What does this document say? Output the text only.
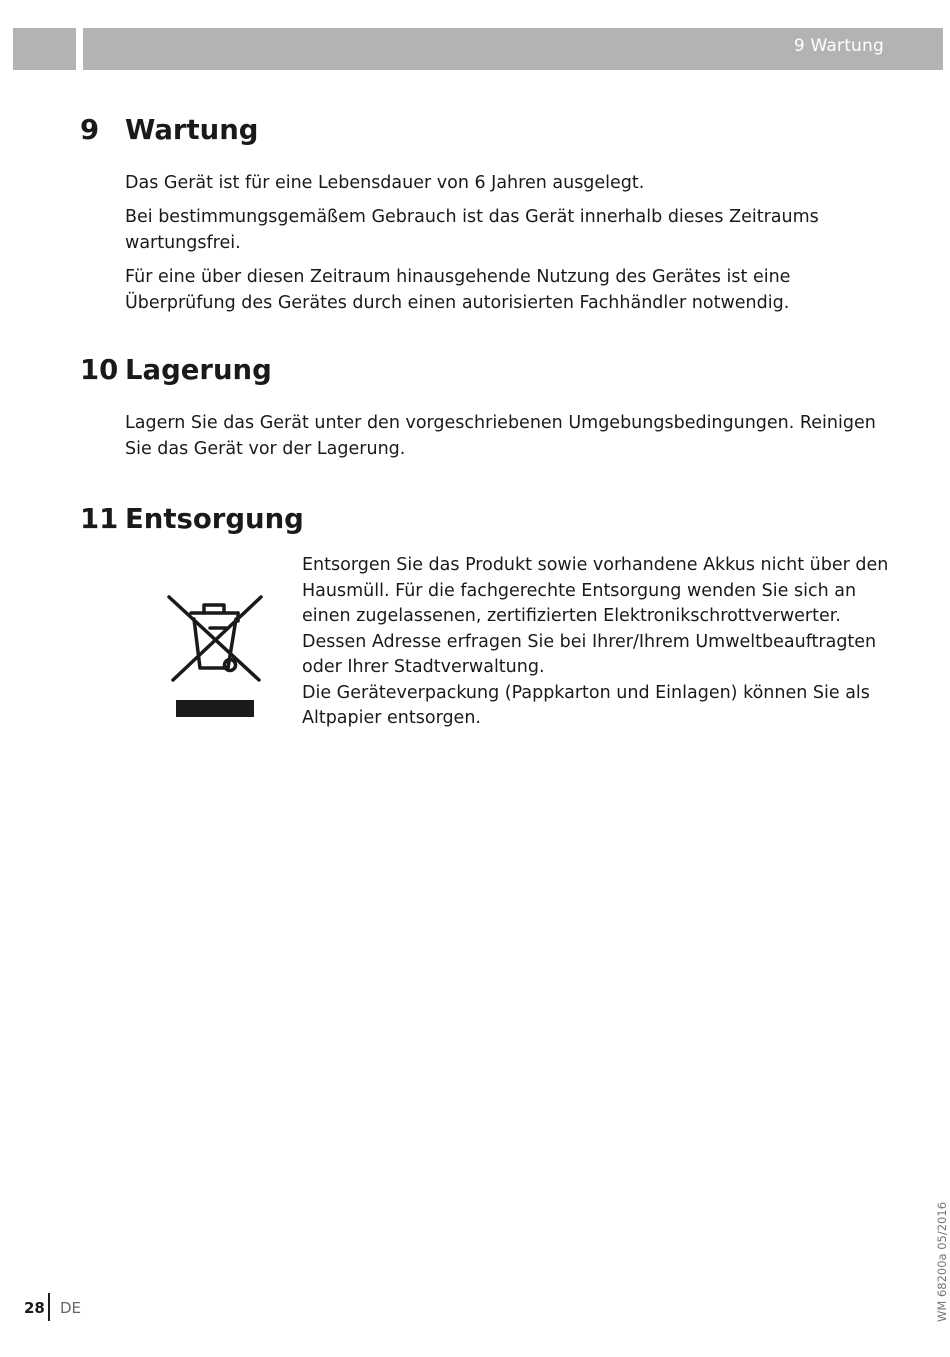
9 Wartung
9 Wartung

Das Gerät ist für eine Lebensdauer von 6 Jahren ausgelegt.

Bei bestimmungsgemäßem Gebrauch ist das Gerät innerhalb dieses Zeitraums wartungsfrei.

Für eine über diesen Zeitraum hinausgehende Nutzung des Gerätes ist eine Überprüfung des Gerätes durch einen autorisierten Fachhändler notwendig.

10 Lagerung

Lagern Sie das Gerät unter den vorgeschriebenen Umgebungsbedingungen. Reinigen Sie das Gerät vor der Lagerung.

11 Entsorgung

Entsorgen Sie das Produkt sowie vorhandene Akkus nicht über den
Hausmüll. Für die fachgerechte Entsorgung wenden Sie sich an
einen zugelassenen, zertifizierten Elektronikschrottverwerter.
Dessen Adresse erfragen Sie bei Ihrer/Ihrem Umweltbeauftragten
oder Ihrer Stadtverwaltung.
Die Geräteverpackung (Pappkarton und Einlagen) können Sie als
Altpapier entsorgen.

28 DE	WM 68200a 05/2016
